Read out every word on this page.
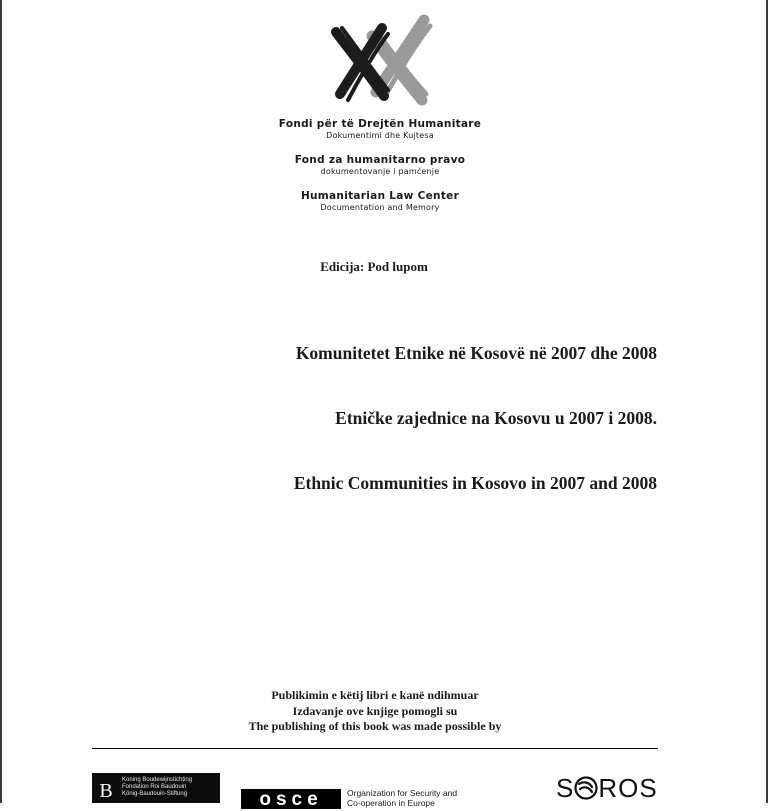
Fondi për të Drejtën Humanitare
Dokumentimi dhe Kujtesa
Fond za humanitarno pravo
dokumentovanje i pamćenje
Humanitarian Law Center
Documentation and Memory
Edicija: Pod lupom
Komunitetet Etnike në Kosovë në 2007 dhe 2008
Etničke zajednice na Kosovu u 2007 i 2008.
Ethnic Communities in Kosovo in 2007 and 2008
Publikimin e këtij libri e kanë ndihmuar
Izdavanje ove knjige pomogli su
The publishing of this book was made possible by
B Koning Boudewijnstichting
Fondation Roi Baudouin
König-Baudouin-Stiftung	osce	Organization for Security and
Co-operation in Europe	S ROS
